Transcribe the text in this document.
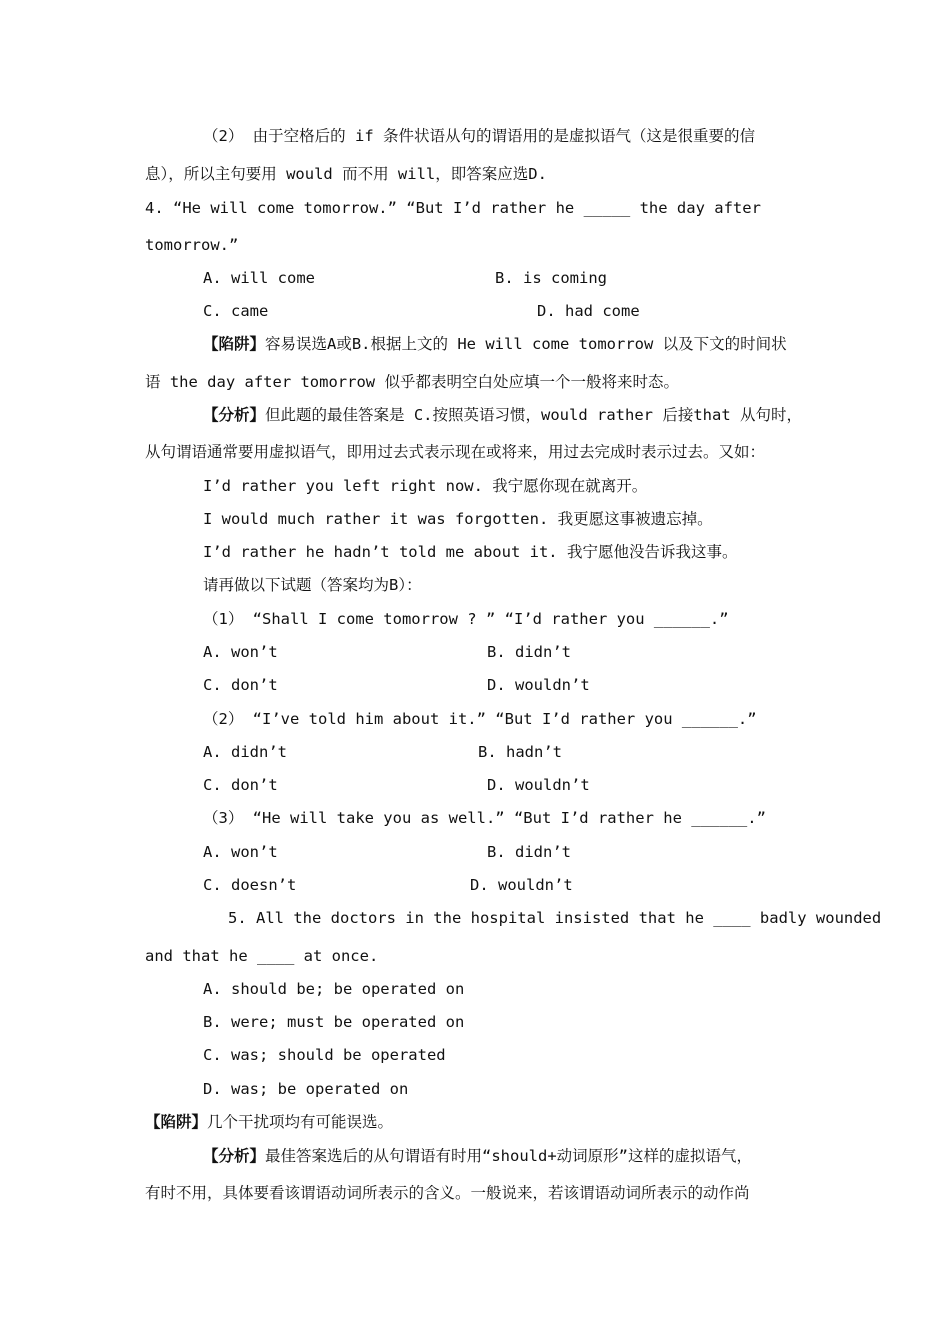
（2） 由于空格后的 if 条件状语从句的谓语用的是虚拟语气（这是很重要的信
息），所以主句要用 would 而不用 will，即答案应选D.
4. “He will come tomorrow.” “But I’d rather he _____ the day after
tomorrow.”
A. will come	B. is coming
C. came	D. had come
【陷阱】容易误选A或B.根据上文的 He will come tomorrow 以及下文的时间状
语 the day after tomorrow 似乎都表明空白处应填一个一般将来时态。
【分析】但此题的最佳答案是 C.按照英语习惯，would rather 后接that 从句时，
从句谓语通常要用虚拟语气，即用过去式表示现在或将来，用过去完成时表示过去。又如：
I’d rather you left right now. 我宁愿你现在就离开。
I would much rather it was forgotten. 我更愿这事被遗忘掉。
I’d rather he hadn’t told me about it. 我宁愿他没告诉我这事。
请再做以下试题（答案均为B）：
（1） “Shall I come tomorrow ? ” “I’d rather you ______.”
A. won’t	B. didn’t
C. don’t	D. wouldn’t
（2） “I’ve told him about it.” “But I’d rather you ______.”
A. didn’t	B. hadn’t
C. don’t	D. wouldn’t
（3） “He will take you as well.” “But I’d rather he ______.”
A. won’t	B. didn’t
C. doesn’t	D. wouldn’t
5. All the doctors in the hospital insisted that he ____ badly wounded
and that he ____ at once.
A. should be; be operated on
B. were; must be operated on
C. was; should be operated
D. was; be operated on
【陷阱】几个干扰项均有可能误选。
【分析】最佳答案选后的从句谓语有时用“should+动词原形”这样的虚拟语气，
有时不用，具体要看该谓语动词所表示的含义。一般说来，若该谓语动词所表示的动作尚
